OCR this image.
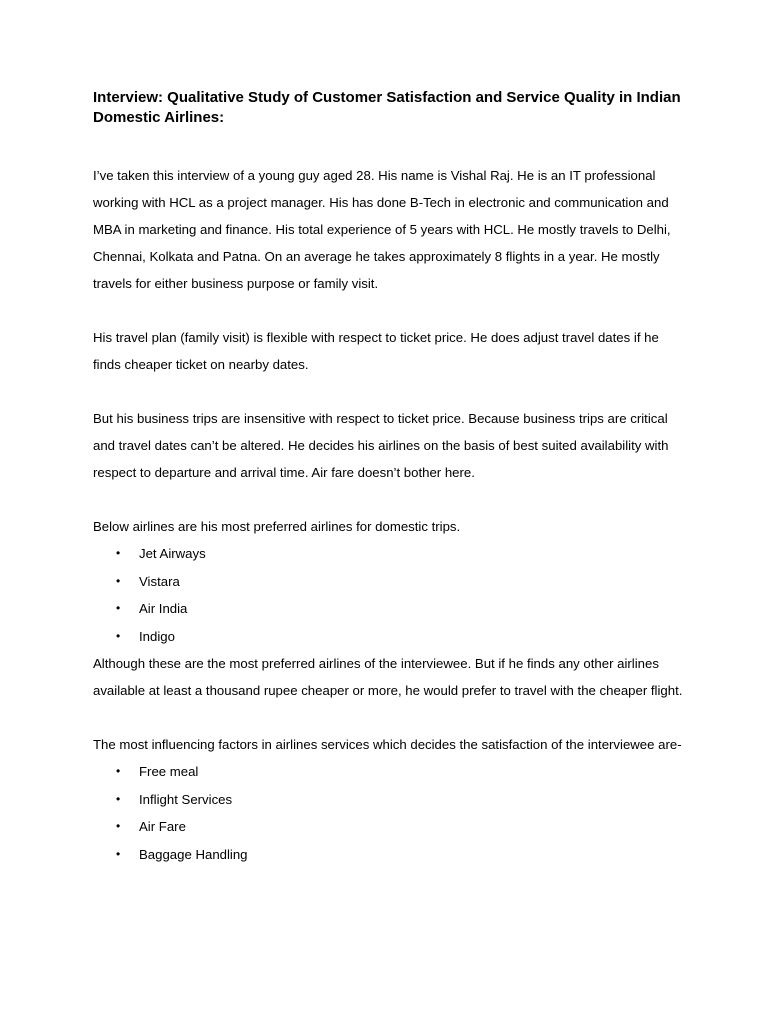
Interview: Qualitative Study of Customer Satisfaction and Service Quality in Indian Domestic Airlines:

I’ve taken this interview of a young guy aged 28. His name is Vishal Raj. He is an IT professional working with HCL as a project manager. His has done B-Tech in electronic and communication and MBA in marketing and finance. His total experience of 5 years with HCL. He mostly travels to Delhi, Chennai, Kolkata and Patna. On an average he takes approximately 8 flights in a year. He mostly travels for either business purpose or family visit.

His travel plan (family visit) is flexible with respect to ticket price. He does adjust travel dates if he finds cheaper ticket on nearby dates.

But his business trips are insensitive with respect to ticket price. Because business trips are critical and travel dates can’t be altered. He decides his airlines on the basis of best suited availability with respect to departure and arrival time. Air fare doesn’t bother here.

Below airlines are his most preferred airlines for domestic trips.

• Jet Airways
• Vistara
• Air India
• Indigo

Although these are the most preferred airlines of the interviewee. But if he finds any other airlines available at least a thousand rupee cheaper or more, he would prefer to travel with the cheaper flight.

The most influencing factors in airlines services which decides the satisfaction of the interviewee are-

• Free meal
• Inflight Services
• Air Fare
• Baggage Handling
